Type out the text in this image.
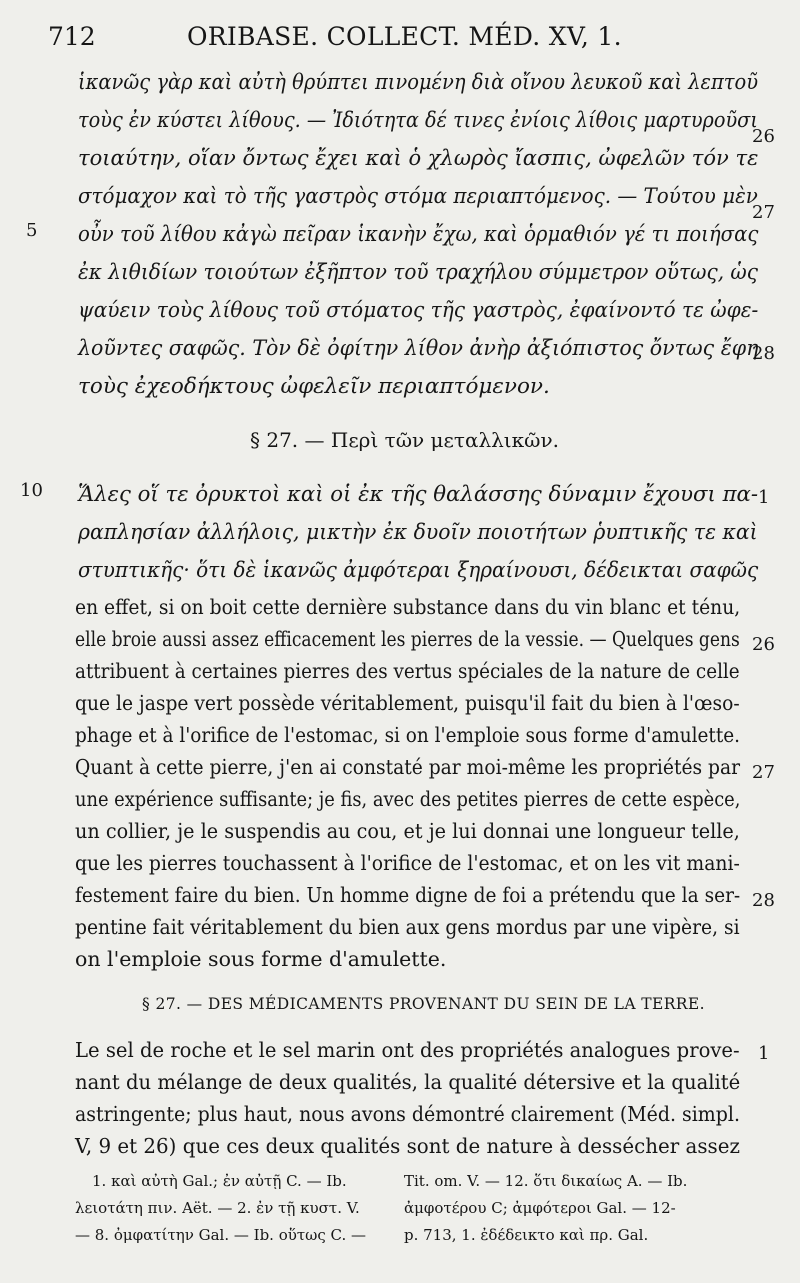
712	ORIBASE. COLLECT. MÉD. XV, 1.
ἱκανῶς γὰρ καὶ αὐτὴ θρύπτει πινομένη διὰ οἴνου λευκοῦ καὶ λεπτοῦ
τοὺς ἐν κύστει λίθους. — Ἰδιότητα δέ τινες ἐνίοις λίθοις μαρτυροῦσι
τοιαύτην, οἵαν ὄντως ἔχει καὶ ὁ χλωρὸς ἴασπις, ὠφελῶν τόν τε
στόμαχον καὶ τὸ τῆς γαστρὸς στόμα περιαπτόμενος. — Τούτου μὲν
οὖν τοῦ λίθου κἀγὼ πεῖραν ἱκανὴν ἔχω, καὶ ὁρμαθιόν γέ τι ποιήσας
ἐκ λιθιδίων τοιούτων ἐξῆπτον τοῦ τραχήλου σύμμετρον οὕτως, ὡς
ψαύειν τοὺς λίθους τοῦ στόματος τῆς γαστρὸς, ἐφαίνοντό τε ὠφε-
λοῦντες σαφῶς. Τὸν δὲ ὀφίτην λίθον ἀνὴρ ἀξιόπιστος ὄντως ἔφη
τοὺς ἐχεοδήκτους ὠφελεῖν περιαπτόμενον.
26
27
5
28
§ 27. — Περὶ τῶν μεταλλικῶν.
Ἅλες οἵ τε ὀρυκτοὶ καὶ οἱ ἐκ τῆς θαλάσσης δύναμιν ἔχουσι πα-
ραπλησίαν ἀλλήλοις, μικτὴν ἐκ δυοῖν ποιοτήτων ῥυπτικῆς τε καὶ
στυπτικῆς· ὅτι δὲ ἱκανῶς ἀμφότεραι ξηραίνουσι, δέδεικται σαφῶς
10	1
en effet, si on boit cette dernière substance dans du vin blanc et ténu,
elle broie aussi assez efficacement les pierres de la vessie. — Quelques gens
attribuent à certaines pierres des vertus spéciales de la nature de celle
que le jaspe vert possède véritablement, puisqu'il fait du bien à l'œso-
phage et à l'orifice de l'estomac, si on l'emploie sous forme d'amulette.
Quant à cette pierre, j'en ai constaté par moi-même les propriétés par
une expérience suffisante; je fis, avec des petites pierres de cette espèce,
un collier, je le suspendis au cou, et je lui donnai une longueur telle,
que les pierres touchassent à l'orifice de l'estomac, et on les vit mani-
festement faire du bien. Un homme digne de foi a prétendu que la ser-
pentine fait véritablement du bien aux gens mordus par une vipère, si
on l'emploie sous forme d'amulette.
26
27
28
§ 27. — DES MÉDICAMENTS PROVENANT DU SEIN DE LA TERRE.
Le sel de roche et le sel marin ont des propriétés analogues prove-
nant du mélange de deux qualités, la qualité détersive et la qualité
astringente; plus haut, nous avons démontré clairement (Méd. simpl.
V, 9 et 26) que ces deux qualités sont de nature à dessécher assez
1
1. καὶ αὐτὴ Gal.; ἐν αὐτῇ C. — Ib.
λειοτάτη πιν. Aët. — 2. ἐν τῇ κυστ. V.
— 8. ὀμφατίτην Gal. — Ib. οὕτως C. —
Tit. om. V. — 12. ὅτι δικαίως A. — Ib.
ἀμφοτέρου C; ἀμφότεροι Gal. — 12-
p. 713, 1. ἐδέδεικτο καὶ πρ. Gal.
